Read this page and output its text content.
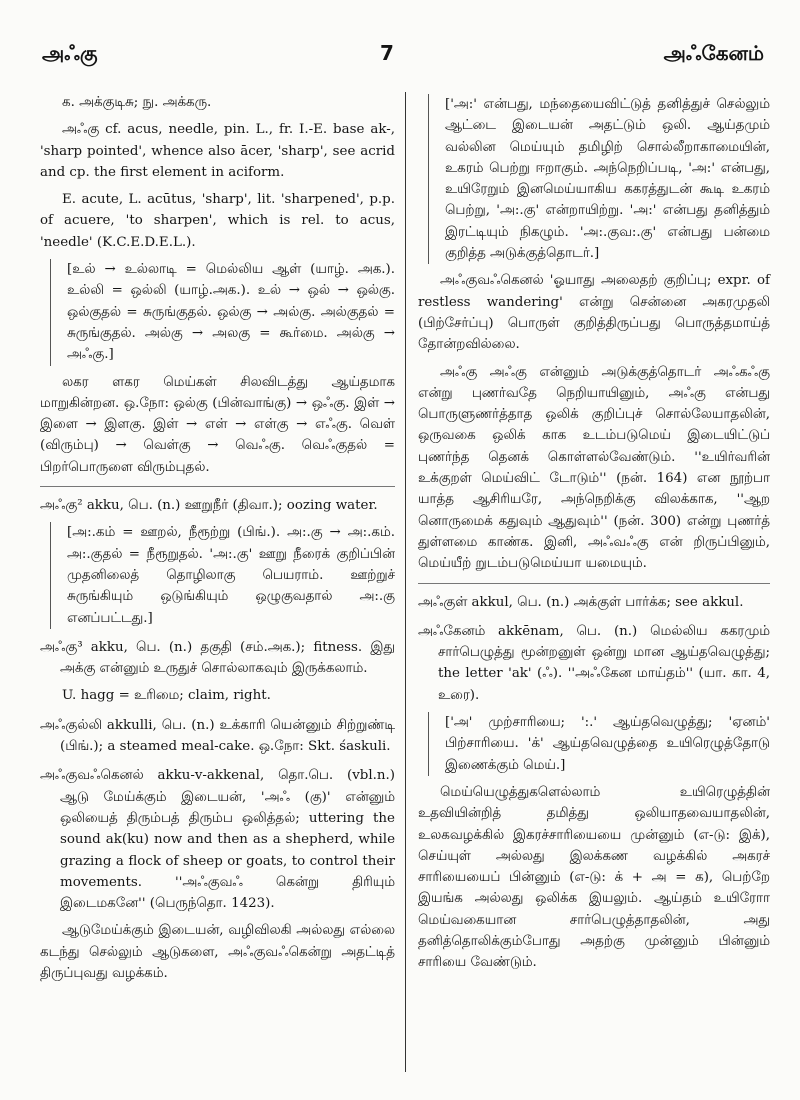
அஃகு	7	அஃகேனம்

க. அக்குடிசு; நு. அக்கரு.

அஃகு cf. acus, needle, pin. L., fr. I.-E. base ak-, 'sharp pointed', whence also ācer, 'sharp', see acrid and cp. the first element in aciform.

E. acute, L. acūtus, 'sharp', lit. 'sharpened', p.p. of acuere, 'to sharpen', which is rel. to acus, 'needle' (K.C.E.D.E.L.).

[உல் → உல்லாடி = மெல்லிய ஆள் (யாழ். அக.). உல்லி = ஒல்லி (யாழ்.அக.). உல் → ஒல் → ஒல்கு. ஒல்குதல் = சுருங்குதல். ஒல்கு → அல்கு. அல்குதல் = சுருங்குதல். அல்கு → அலகு = கூர்மை. அல்கு → அஃகு.]

லகர ளகர மெய்கள் சிலவிடத்து ஆய்தமாக மாறுகின்றன. ஒ.நோ: ஒல்கு (பின்வாங்கு) → ஒஃகு. இள் → இளை → இளகு. இள் → எள் → எள்கு → எஃகு. வெள் (விரும்பு) → வெள்கு → வெஃகு. வெஃகுதல் = பிறர்பொருளை விரும்புதல்.

அஃகு² akku, பெ. (n.) ஊறுநீர் (திவா.); oozing water.

[அ:.கம் = ஊறல், நீரூற்று (பிங்.). அ:.கு → அ:.கம். அ:.குதல் = நீரூறுதல். 'அ:.கு' ஊறு நீரைக் குறிப்பின் முதனிலைத் தொழிலாகு பெயராம். ஊற்றுச் சுருங்கியும் ஒடுங்கியும் ஒழுகுவதால் அ:.கு எனப்பட்டது.]

அஃகு³ akku, பெ. (n.) தகுதி (சம்.அக.); fitness. இது அக்கு என்னும் உருதுச் சொல்லாகவும் இருக்கலாம்.

U. hagg = உரிமை; claim, right.

அஃகுல்லி akkulli, பெ. (n.) உக்காரி யென்னும் சிற்றுண்டி (பிங்.); a steamed meal-cake. ஒ.நோ: Skt. śaskuli.

அஃகுவஃகெனல் akku-v-akkenal, தொ.பெ. (vbl.n.) ஆடு மேய்க்கும் இடையன், 'அஃ (கு)' என்னும் ஒலியைத் திரும்பத் திரும்ப ஒலித்தல்; uttering the sound ak(ku) now and then as a shepherd, while grazing a flock of sheep or goats, to control their movements. ''அஃகுவஃ கென்று திரியும் இடைமகனே'' (பெருந்தொ. 1423).

ஆடுமேய்க்கும் இடையன், வழிவிலகி அல்லது எல்லை கடந்து செல்லும் ஆடுகளை, அஃகுவஃகென்று அதட்டித் திருப்புவது வழக்கம்.

['அ:' என்பது, மந்தையைவிட்டுத் தனித்துச் செல்லும் ஆட்டை இடையன் அதட்டும் ஒலி. ஆய்தமும் வல்லின மெய்யும் தமிழிற் சொல்லீறாகாமையின், உகரம் பெற்று ஈறாகும். அந்நெறிப்படி, 'அ:' என்பது, உயிரேறும் இனமெய்யாகிய ககரத்துடன் கூடி உகரம் பெற்று, 'அ:.கு' என்றாயிற்று. 'அ:' என்பது தனித்தும் இரட்டியும் நிகழும். 'அ:.குவ:.கு' என்பது பன்மை குறித்த அடுக்குத்தொடர்.]

அஃகுவஃகெனல் 'ஓயாது அலைதற் குறிப்பு; expr. of restless wandering' என்று சென்னை அகரமுதலி (பிற்சேர்ப்பு) பொருள் குறித்திருப்பது பொருத்தமாய்த் தோன்றவில்லை.

அஃகு அஃகு என்னும் அடுக்குத்தொடர் அஃகஃகு என்று புணர்வதே நெறியாயினும், அஃகு என்பது பொருளுணர்த்தாத ஒலிக் குறிப்புச் சொல்லேயாதலின், ஒருவகை ஒலிக் காக உடம்படுமெய் இடையிட்டுப் புணர்ந்த தெனக் கொள்ளல்வேண்டும். ''உயிர்வரின் உக்குறள் மெய்விட் டோடும்'' (நன். 164) என நூற்பா யாத்த ஆசிரியரே, அந்நெறிக்கு விலக்காக, ''ஆற னொருமைக் கதுவும் ஆதுவும்'' (நன். 300) என்று புணர்த் துள்ளமை காண்க. இனி, அஃவஃகு என் றிருப்பினும், மெய்யீற் றுடம்படுமெய்யா யமையும்.

அஃகுள் akkul, பெ. (n.) அக்குள் பார்க்க; see akkul.

அஃகேனம் akkēnam, பெ. (n.) மெல்லிய ககரமும் சார்பெழுத்து மூன்றனுள் ஒன்று மான ஆய்தவெழுத்து; the letter 'ak' (ஃ). ''அஃகேன மாய்தம்'' (யா. கா. 4, உரை).

['அ' முற்சாரியை; ':.' ஆய்தவெழுத்து; 'ஏனம்' பிற்சாரியை. 'க்' ஆய்தவெழுத்தை உயிரெழுத்தோடு இணைக்கும் மெய்.]

மெய்யெழுத்துகளெல்லாம் உயிரெழுத்தின் உதவியின்றித் தமித்து ஒலியாதவையாதலின், உலகவழக்கில் இகரச்சாரியையை முன்னும் (எ-டு: இக்), செய்யுள் அல்லது இலக்கண வழக்கில் அகரச் சாரியையைப் பின்னும் (எ-டு: க் + அ = க), பெற்றே இயங்க அல்லது ஒலிக்க இயலும். ஆய்தம் உயிரோா மெய்வகையான சார்பெழுத்தாதலின், அது தனித்தொலிக்கும்போது அதற்கு முன்னும் பின்னும் சாரியை வேண்டும்.
